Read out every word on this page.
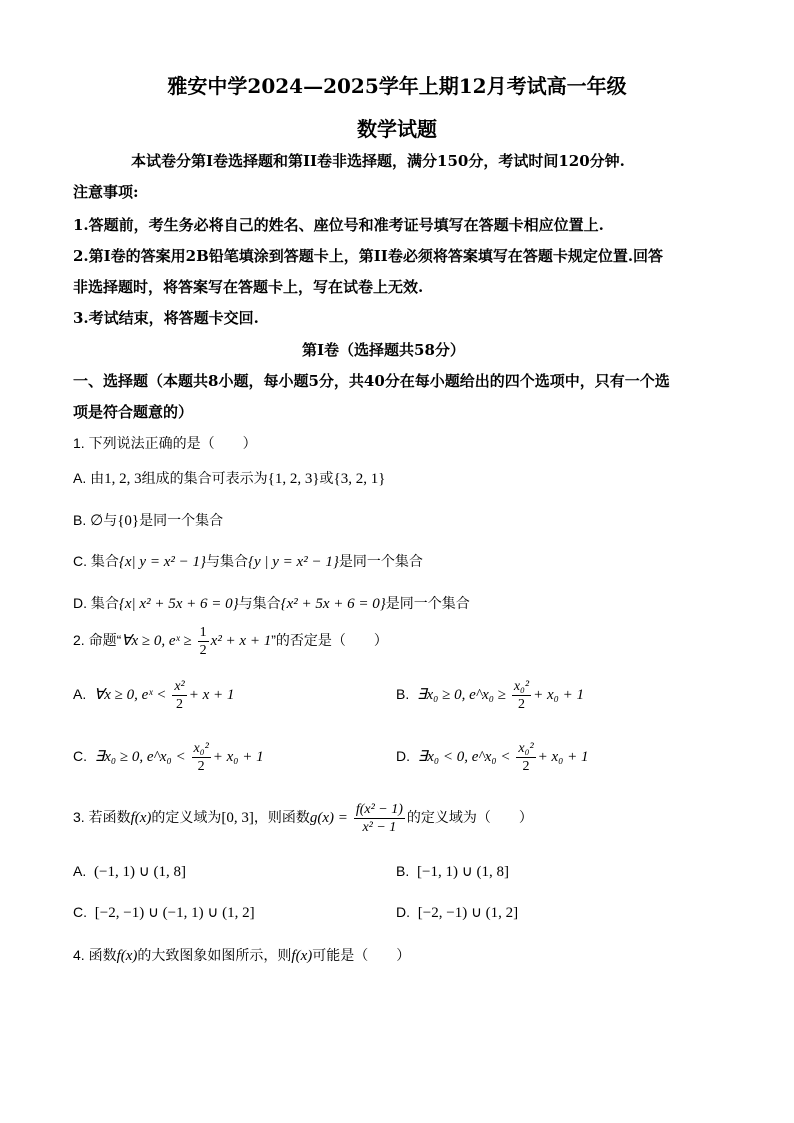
雅安中学2024—2025学年上期12月考试高一年级
数学试题
本试卷分第I卷选择题和第II卷非选择题，满分150分，考试时间120分钟.
注意事项:
1.答题前，考生务必将自己的姓名、座位号和准考证号填写在答题卡相应位置上.
2.第I卷的答案用2B铅笔填涂到答题卡上，第II卷必须将答案填写在答题卡规定位置.回答
非选择题时，将答案写在答题卡上，写在试卷上无效.
3.考试结束，将答题卡交回.
第I卷（选择题共58分）
一、选择题（本题共8小题，每小题5分，共40分在每小题给出的四个选项中，只有一个选
项是符合题意的）
1. 下列说法正确的是（　　）
A. 由1, 2, 3组成的集合可表示为{1, 2, 3}或{3, 2, 1}
B. ∅与{0}是同一个集合
C. 集合{x| y = x² − 1}与集合{y | y = x² − 1}是同一个集合
D. 集合{x| x² + 5x + 6 = 0}与集合{x² + 5x + 6 = 0}是同一个集合
2. 命题“∀x ≥ 0, eˣ ≥ $\frac{1}{2} x^2 + x + 1$”的否定是（　　）
A. ∀x ≥ 0, eˣ < $\frac{\text{x²}}{2} + x + 1$	B. ∃x₀ ≥ 0, e^x₀ ≥ $\frac{\text{x₀²}}{2} + x_0 + 1$
C. ∃x₀ ≥ 0, e^x₀ < $\frac{\text{x₀²}}{2} + x_0 + 1$	D. ∃x₀ < 0, e^x₀ < $\frac{\text{x₀²}}{2} + x_0 + 1$
3. 若函数f(x)的定义域为[0, 3]，则函数$g(x) = \frac{\text{f(x² − 1)}}{\text{x² − 1}}$ 的定义域为（　　）
A. (−1, 1) ∪ (1, 8]	B. [−1, 1) ∪ (1, 8]
C. [−2, −1) ∪ (−1, 1) ∪ (1, 2]	D. [−2, −1) ∪ (1, 2]
4. 函数f(x)的大致图象如图所示，则f(x)可能是（　　）
